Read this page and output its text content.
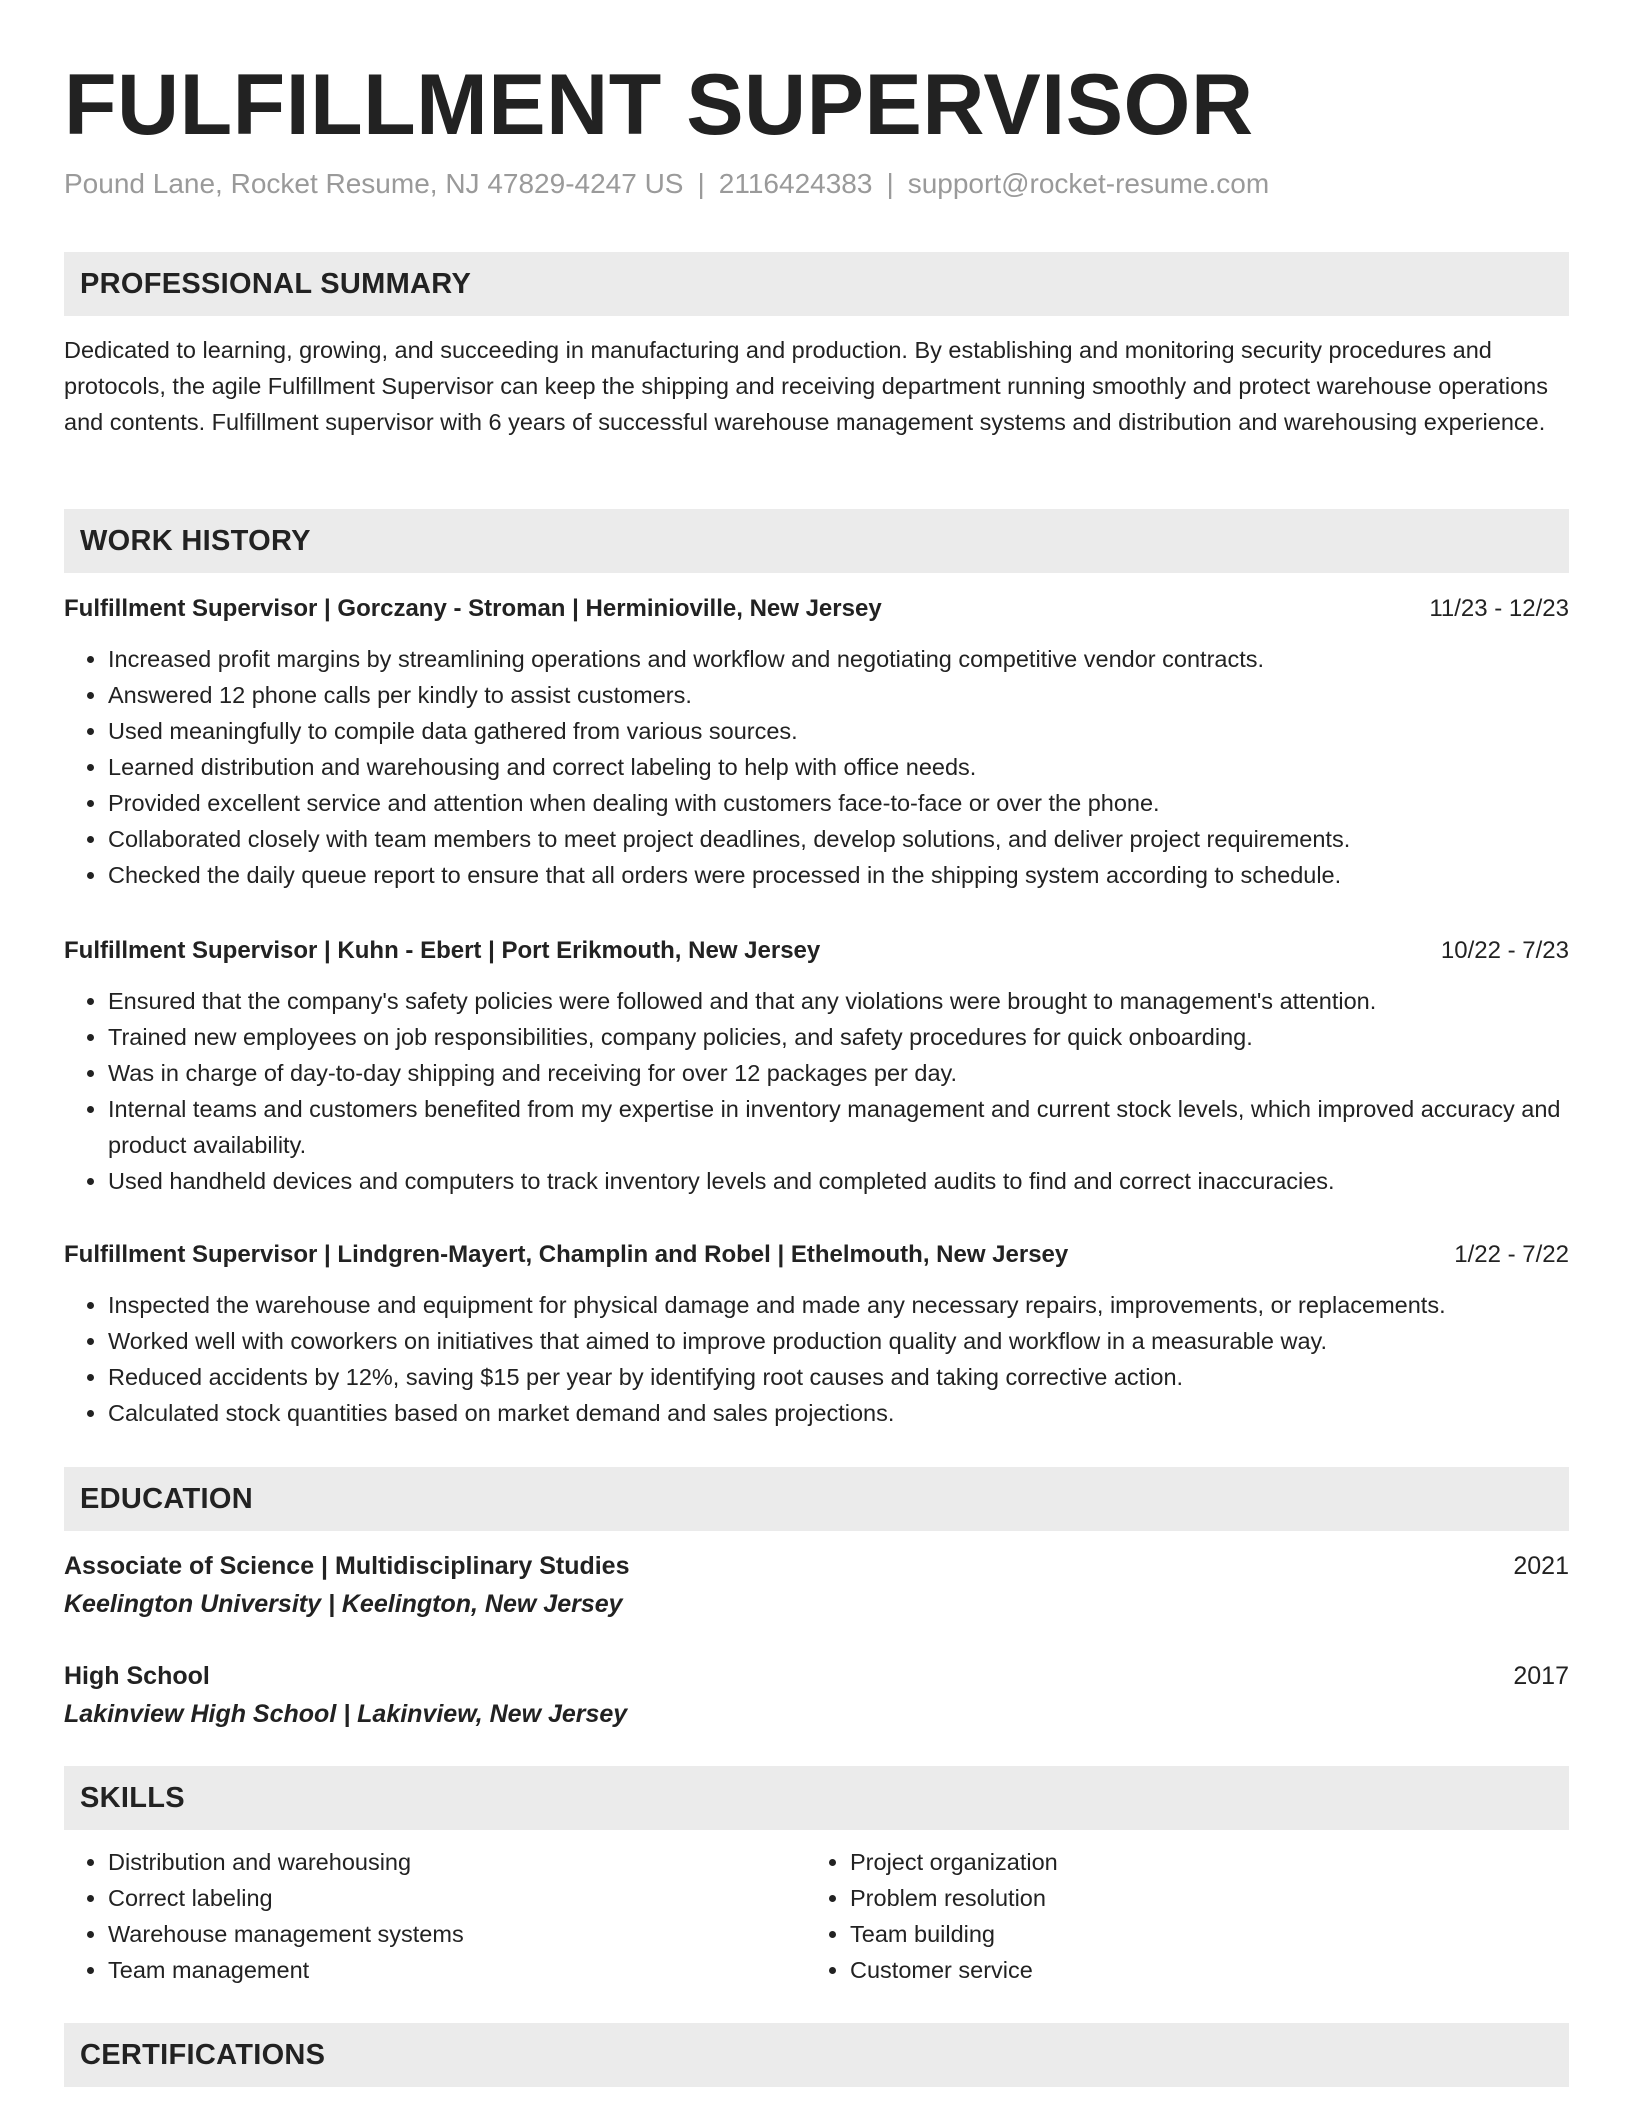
FULFILLMENT SUPERVISOR
Pound Lane, Rocket Resume, NJ 47829-4247 US | 2116424383 | support@rocket-resume.com
PROFESSIONAL SUMMARY

Dedicated to learning, growing, and succeeding in manufacturing and production. By establishing and monitoring security procedures and protocols, the agile Fulfillment Supervisor can keep the shipping and receiving department running smoothly and protect warehouse operations and contents. Fulfillment supervisor with 6 years of successful warehouse management systems and distribution and warehousing experience.

WORK HISTORY
Fulfillment Supervisor | Gorczany - Stroman | Herminioville, New Jersey	11/23 - 12/23
• Increased profit margins by streamlining operations and workflow and negotiating competitive vendor contracts.
• Answered 12 phone calls per kindly to assist customers.
• Used meaningfully to compile data gathered from various sources.
• Learned distribution and warehousing and correct labeling to help with office needs.
• Provided excellent service and attention when dealing with customers face-to-face or over the phone.
• Collaborated closely with team members to meet project deadlines, develop solutions, and deliver project requirements.
• Checked the daily queue report to ensure that all orders were processed in the shipping system according to schedule.
Fulfillment Supervisor | Kuhn - Ebert | Port Erikmouth, New Jersey	10/22 - 7/23
• Ensured that the company's safety policies were followed and that any violations were brought to management's attention.
• Trained new employees on job responsibilities, company policies, and safety procedures for quick onboarding.
• Was in charge of day-to-day shipping and receiving for over 12 packages per day.
• Internal teams and customers benefited from my expertise in inventory management and current stock levels, which improved accuracy and product availability.
• Used handheld devices and computers to track inventory levels and completed audits to find and correct inaccuracies.
Fulfillment Supervisor | Lindgren-Mayert, Champlin and Robel | Ethelmouth, New Jersey	1/22 - 7/22
• Inspected the warehouse and equipment for physical damage and made any necessary repairs, improvements, or replacements.
• Worked well with coworkers on initiatives that aimed to improve production quality and workflow in a measurable way.
• Reduced accidents by 12%, saving $15 per year by identifying root causes and taking corrective action.
• Calculated stock quantities based on market demand and sales projections.
EDUCATION
Associate of Science | Multidisciplinary Studies	2021
Keelington University | Keelington, New Jersey
High School	2017
Lakinview High School | Lakinview, New Jersey
SKILLS
• Distribution and warehousing
• Correct labeling
• Warehouse management systems
• Team management
• Project organization
• Problem resolution
• Team building
• Customer service
CERTIFICATIONS
